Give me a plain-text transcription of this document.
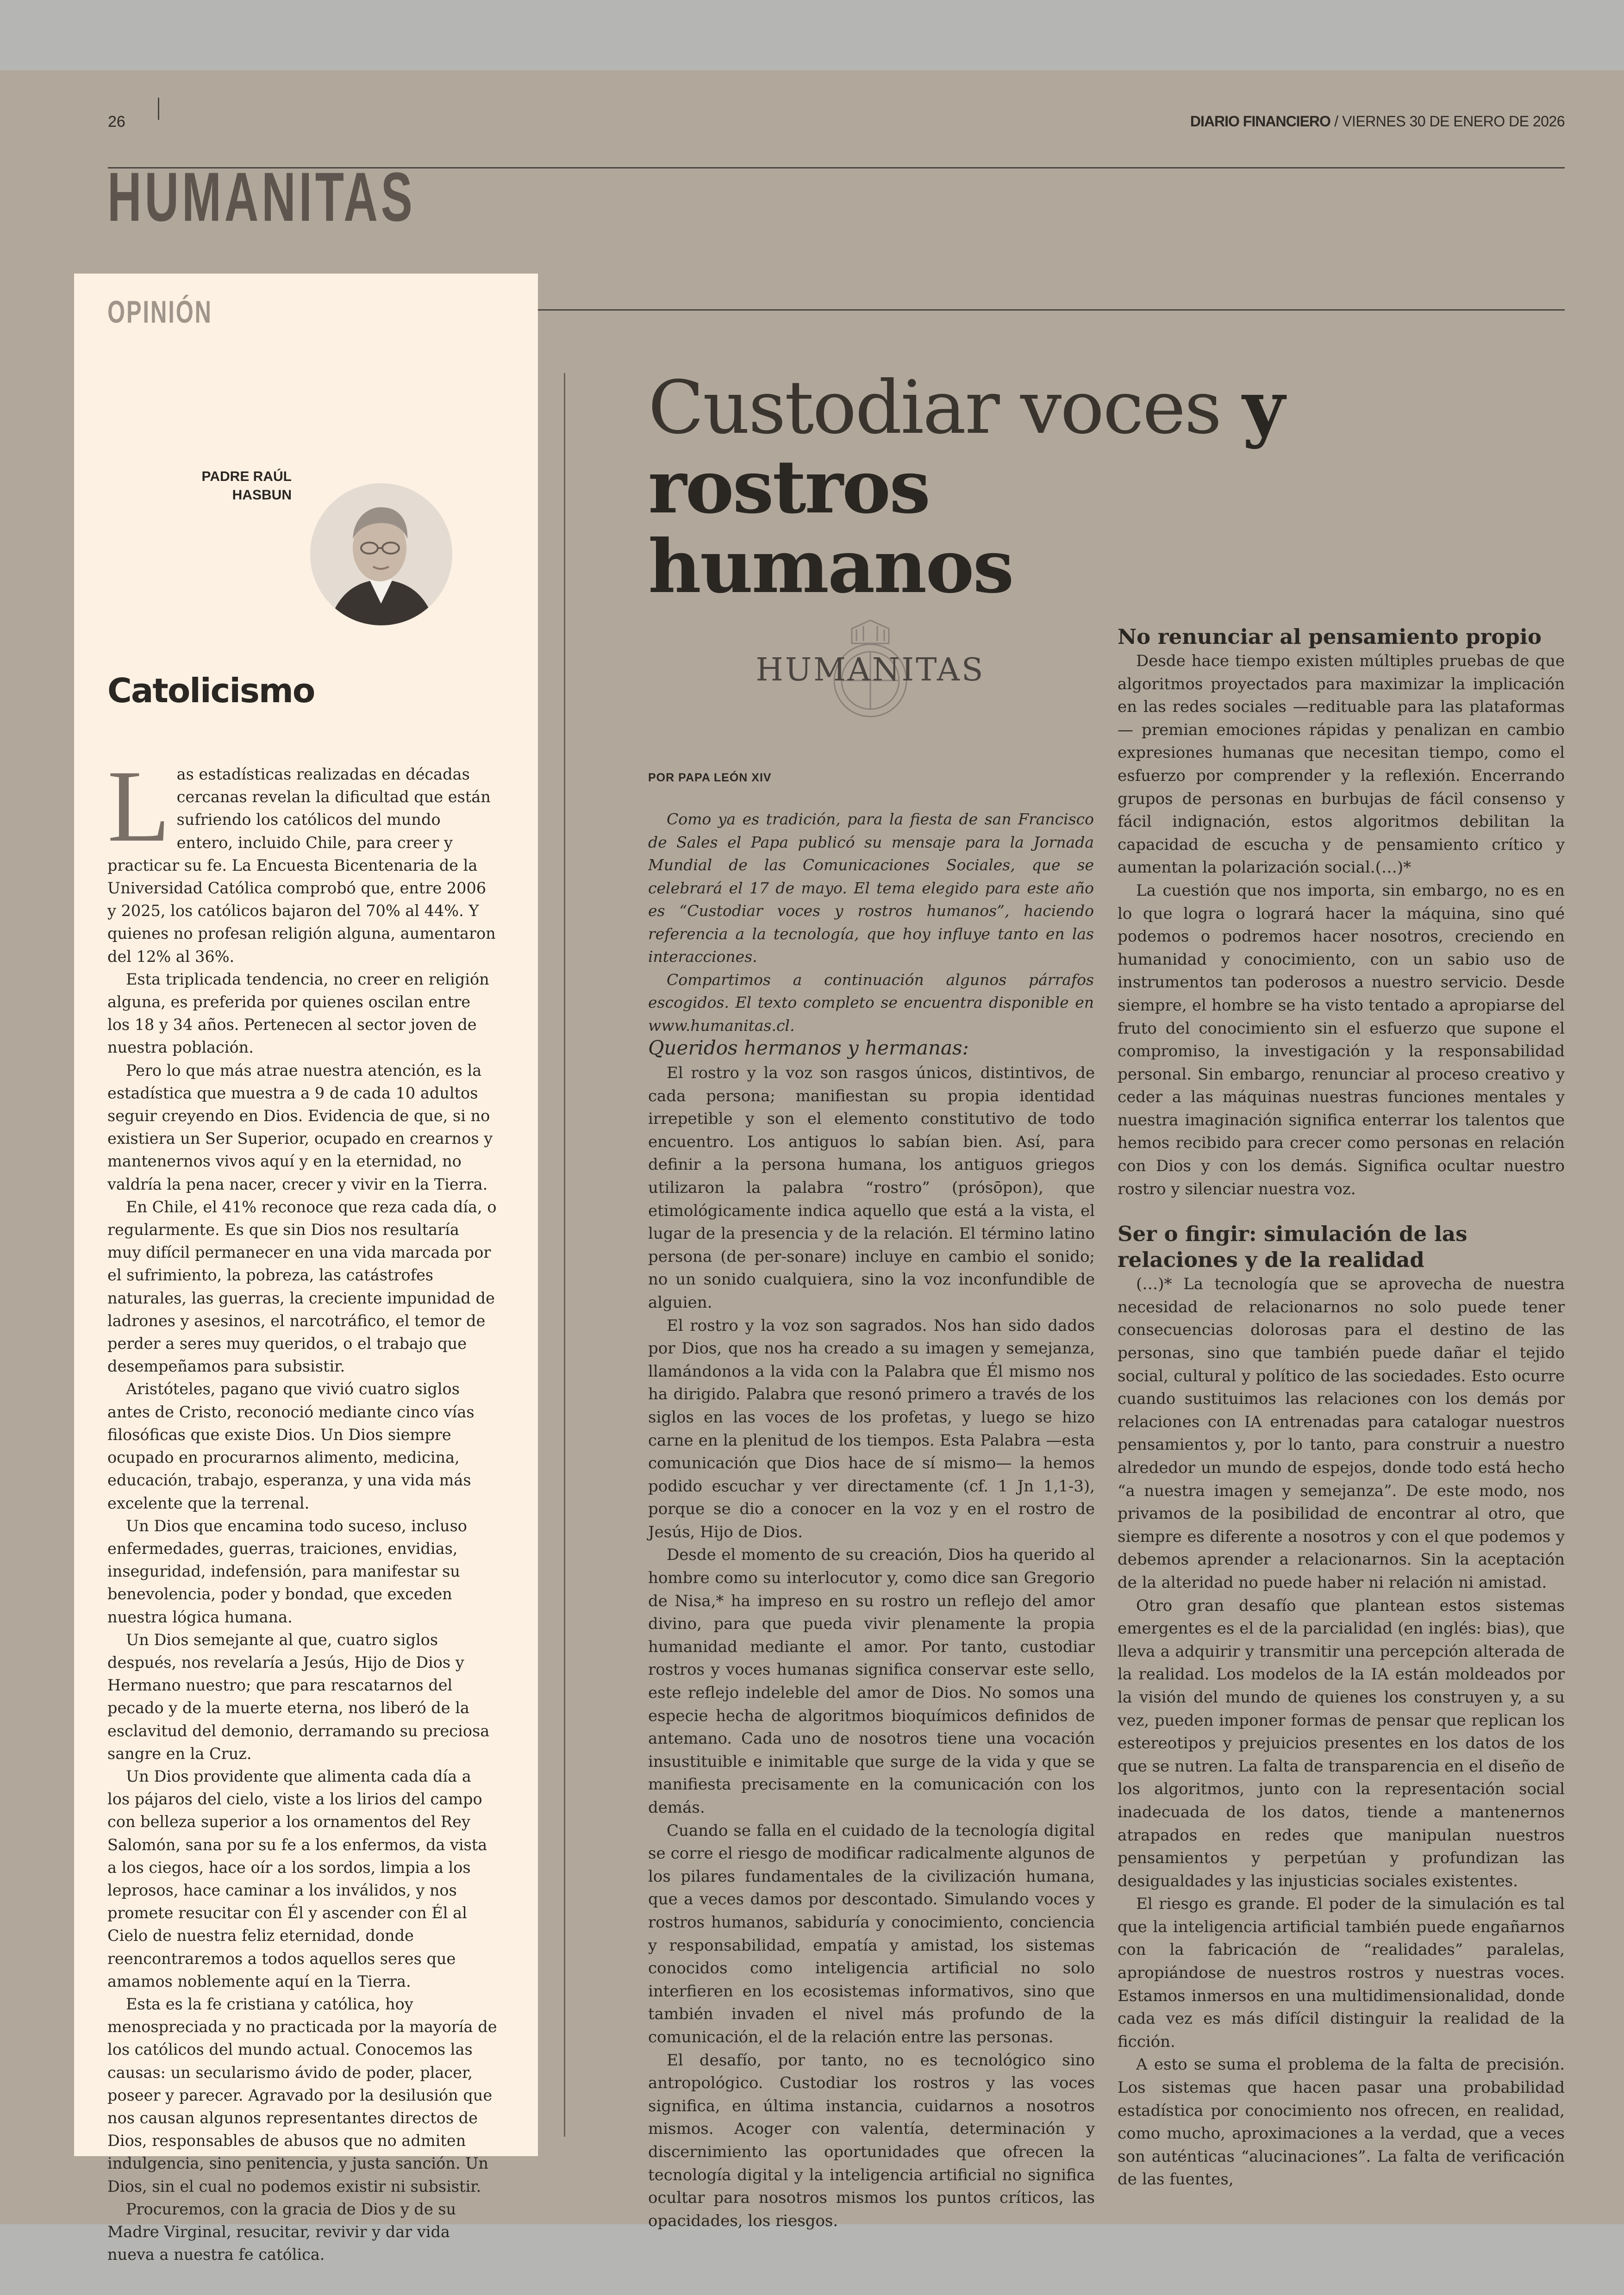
26	DIARIO FINANCIERO / VIERNES 30 DE ENERO DE 2026
HUMANITAS
OPINIÓN
PADRE RAÚL
HASBUN
Catolicismo

Las estadísticas realizadas en décadas cercanas revelan la dificultad que están sufriendo los católicos del mundo entero, incluido Chile, para creer y practicar su fe. La Encuesta Bicentenaria de la Universidad Católica comprobó que, entre 2006 y 2025, los católicos bajaron del 70% al 44%. Y quienes no profesan religión alguna, aumentaron del 12% al 36%.

Esta triplicada tendencia, no creer en religión alguna, es preferida por quienes oscilan entre los 18 y 34 años. Pertenecen al sector joven de nuestra población.

Pero lo que más atrae nuestra atención, es la estadística que muestra a 9 de cada 10 adultos seguir creyendo en Dios. Evidencia de que, si no existiera un Ser Superior, ocupado en crearnos y mantenernos vivos aquí y en la eternidad, no valdría la pena nacer, crecer y vivir en la Tierra.

En Chile, el 41% reconoce que reza cada día, o regularmente. Es que sin Dios nos resultaría muy difícil permanecer en una vida marcada por el sufrimiento, la pobreza, las catástrofes naturales, las guerras, la creciente impunidad de ladrones y asesinos, el narcotráfico, el temor de perder a seres muy queridos, o el trabajo que desempeñamos para subsistir.

Aristóteles, pagano que vivió cuatro siglos antes de Cristo, reconoció mediante cinco vías filosóficas que existe Dios. Un Dios siempre ocupado en procurarnos alimento, medicina, educación, trabajo, esperanza, y una vida más excelente que la terrenal.

Un Dios que encamina todo suceso, incluso enfermedades, guerras, traiciones, envidias, inseguridad, indefensión, para manifestar su benevolencia, poder y bondad, que exceden nuestra lógica humana.

Un Dios semejante al que, cuatro siglos después, nos revelaría a Jesús, Hijo de Dios y Hermano nuestro; que para rescatarnos del pecado y de la muerte eterna, nos liberó de la esclavitud del demonio, derramando su preciosa sangre en la Cruz.

Un Dios providente que alimenta cada día a los pájaros del cielo, viste a los lirios del campo con belleza superior a los ornamentos del Rey Salomón, sana por su fe a los enfermos, da vista a los ciegos, hace oír a los sordos, limpia a los leprosos, hace caminar a los inválidos, y nos promete resucitar con Él y ascender con Él al Cielo de nuestra feliz eternidad, donde reencontraremos a todos aquellos seres que amamos noblemente aquí en la Tierra.

Esta es la fe cristiana y católica, hoy menospreciada y no practicada por la mayoría de los católicos del mundo actual. Conocemos las causas: un secularismo ávido de poder, placer, poseer y parecer. Agravado por la desilusión que nos causan algunos representantes directos de Dios, responsables de abusos que no admiten indulgencia, sino penitencia, y justa sanción. Un Dios, sin el cual no podemos existir ni subsistir.

Procuremos, con la gracia de Dios y de su Madre Virginal, resucitar, revivir y dar vida nueva a nuestra fe católica.

Custodiar voces y rostros
humanos
HUMANITAS
POR PAPA LEÓN XIV

Como ya es tradición, para la fiesta de san Francisco de Sales el Papa publicó su mensaje para la Jornada Mundial de las Comunicaciones Sociales, que se celebrará el 17 de mayo. El tema elegido para este año es “Custodiar voces y rostros humanos”, haciendo referencia a la tecnología, que hoy influye tanto en las interacciones.

Compartimos a continuación algunos párrafos escogidos. El texto completo se encuentra disponible en www.humanitas.cl.

Queridos hermanos y hermanas:

El rostro y la voz son rasgos únicos, distintivos, de cada persona; manifiestan su propia identidad irrepetible y son el elemento constitutivo de todo encuentro. Los antiguos lo sabían bien. Así, para definir a la persona humana, los antiguos griegos utilizaron la palabra “rostro” (prósōpon), que etimológicamente indica aquello que está a la vista, el lugar de la presencia y de la relación. El término latino persona (de per-sonare) incluye en cambio el sonido; no un sonido cualquiera, sino la voz inconfundible de alguien.

El rostro y la voz son sagrados. Nos han sido dados por Dios, que nos ha creado a su imagen y semejanza, llamándonos a la vida con la Palabra que Él mismo nos ha dirigido. Palabra que resonó primero a través de los siglos en las voces de los profetas, y luego se hizo carne en la plenitud de los tiempos. Esta Palabra —esta comunicación que Dios hace de sí mismo— la hemos podido escuchar y ver directamente (cf. 1 Jn 1,1-3), porque se dio a conocer en la voz y en el rostro de Jesús, Hijo de Dios.

Desde el momento de su creación, Dios ha querido al hombre como su interlocutor y, como dice san Gregorio de Nisa,* ha impreso en su rostro un reflejo del amor divino, para que pueda vivir plenamente la propia humanidad mediante el amor. Por tanto, custodiar rostros y voces humanas significa conservar este sello, este reflejo indeleble del amor de Dios. No somos una especie hecha de algoritmos bioquímicos definidos de antemano. Cada uno de nosotros tiene una vocación insustituible e inimitable que surge de la vida y que se manifiesta precisamente en la comunicación con los demás.

Cuando se falla en el cuidado de la tecnología digital se corre el riesgo de modificar radicalmente algunos de los pilares fundamentales de la civilización humana, que a veces damos por descontado. Simulando voces y rostros humanos, sabiduría y conocimiento, conciencia y responsabilidad, empatía y amistad, los sistemas conocidos como inteligencia artificial no solo interfieren en los ecosistemas informativos, sino que también invaden el nivel más profundo de la comunicación, el de la relación entre las personas.

El desafío, por tanto, no es tecnológico sino antropológico. Custodiar los rostros y las voces significa, en última instancia, cuidarnos a nosotros mismos. Acoger con valentía, determinación y discernimiento las oportunidades que ofrecen la tecnología digital y la inteligencia artificial no significa ocultar para nosotros mismos los puntos críticos, las opacidades, los riesgos.

No renunciar al pensamiento propio

Desde hace tiempo existen múltiples pruebas de que algoritmos proyectados para maximizar la implicación en las redes sociales —redituable para las plataformas— premian emociones rápidas y penalizan en cambio expresiones humanas que necesitan tiempo, como el esfuerzo por comprender y la reflexión. Encerrando grupos de personas en burbujas de fácil consenso y fácil indignación, estos algoritmos debilitan la capacidad de escucha y de pensamiento crítico y aumentan la polarización social.(…)*

La cuestión que nos importa, sin embargo, no es en lo que logra o logrará hacer la máquina, sino qué podemos o podremos hacer nosotros, creciendo en humanidad y conocimiento, con un sabio uso de instrumentos tan poderosos a nuestro servicio. Desde siempre, el hombre se ha visto tentado a apropiarse del fruto del conocimiento sin el esfuerzo que supone el compromiso, la investigación y la responsabilidad personal. Sin embargo, renunciar al proceso creativo y ceder a las máquinas nuestras funciones mentales y nuestra imaginación significa enterrar los talentos que hemos recibido para crecer como personas en relación con Dios y con los demás. Significa ocultar nuestro rostro y silenciar nuestra voz.

Ser o fingir: simulación de las
relaciones y de la realidad

(…)* La tecnología que se aprovecha de nuestra necesidad de relacionarnos no solo puede tener consecuencias dolorosas para el destino de las personas, sino que también puede dañar el tejido social, cultural y político de las sociedades. Esto ocurre cuando sustituimos las relaciones con los demás por relaciones con IA entrenadas para catalogar nuestros pensamientos y, por lo tanto, para construir a nuestro alrededor un mundo de espejos, donde todo está hecho “a nuestra imagen y semejanza”. De este modo, nos privamos de la posibilidad de encontrar al otro, que siempre es diferente a nosotros y con el que podemos y debemos aprender a relacionarnos. Sin la aceptación de la alteridad no puede haber ni relación ni amistad.

Otro gran desafío que plantean estos sistemas emergentes es el de la parcialidad (en inglés: bias), que lleva a adquirir y transmitir una percepción alterada de la realidad. Los modelos de la IA están moldeados por la visión del mundo de quienes los construyen y, a su vez, pueden imponer formas de pensar que replican los estereotipos y prejuicios presentes en los datos de los que se nutren. La falta de transparencia en el diseño de los algoritmos, junto con la representación social inadecuada de los datos, tiende a mantenernos atrapados en redes que manipulan nuestros pensamientos y perpetúan y profundizan las desigualdades y las injusticias sociales existentes.

El riesgo es grande. El poder de la simulación es tal que la inteligencia artificial también puede engañarnos con la fabricación de “realidades” paralelas, apropiándose de nuestros rostros y nuestras voces. Estamos inmersos en una multidimensionalidad, donde cada vez es más difícil distinguir la realidad de la ficción.

A esto se suma el problema de la falta de precisión. Los sistemas que hacen pasar una probabilidad estadística por conocimiento nos ofrecen, en realidad, como mucho, aproximaciones a la verdad, que a veces son auténticas “alucinaciones”. La falta de verificación de las fuentes,
